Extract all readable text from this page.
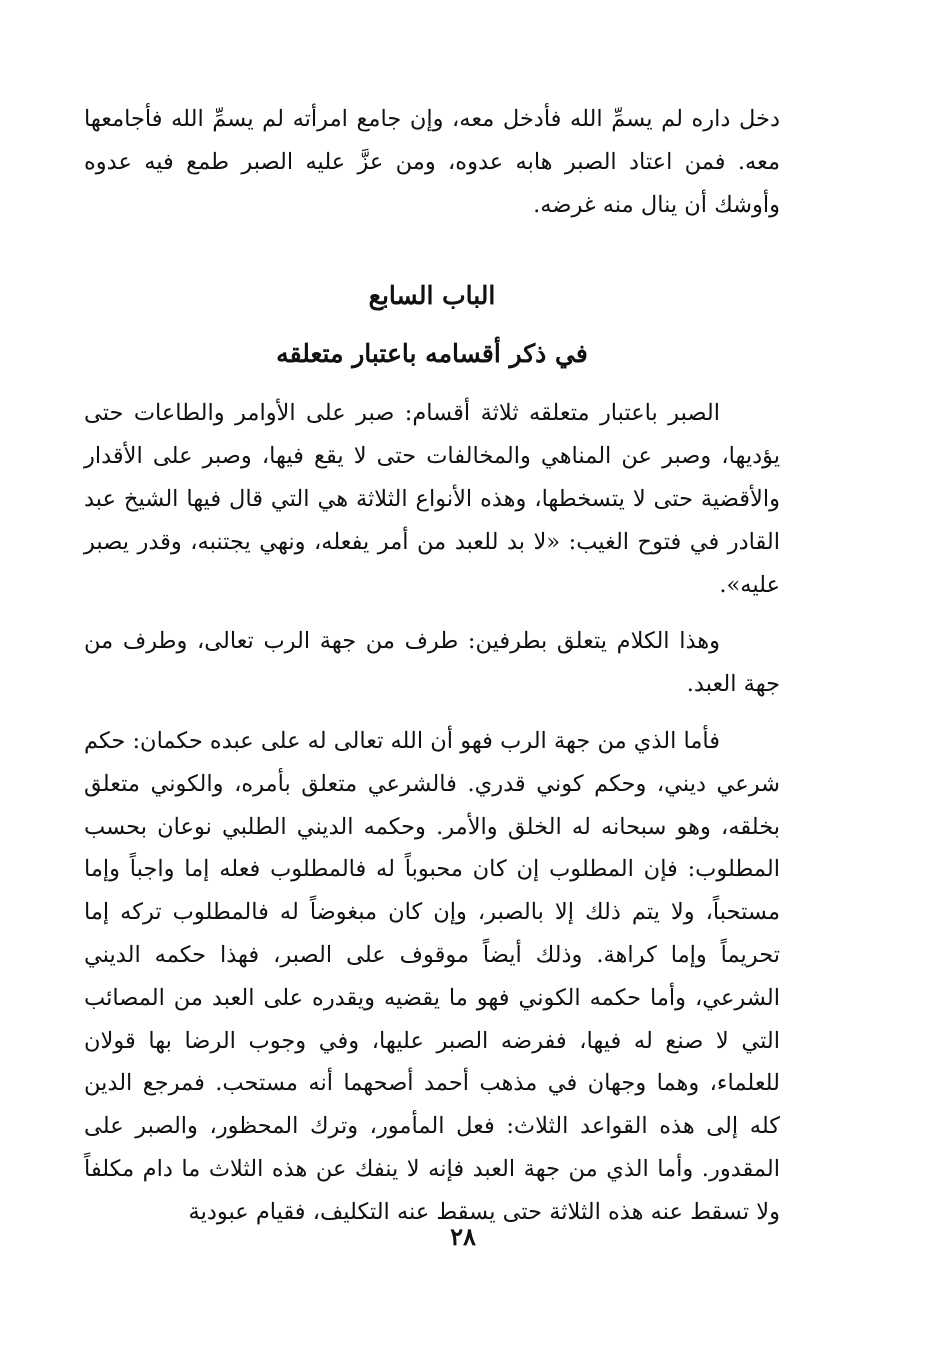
دخل داره لم يسمِّ الله فأدخل معه، وإن جامع امرأته لم يسمِّ الله فأجامعها معه. فمن اعتاد الصبر هابه عدوه، ومن عزَّ عليه الصبر طمع فيه عدوه وأوشك أن ينال منه غرضه.

الباب السابع
في ذكر أقسامه باعتبار متعلقه

الصبر باعتبار متعلقه ثلاثة أقسام: صبر على الأوامر والطاعات حتى يؤديها، وصبر عن المناهي والمخالفات حتى لا يقع فيها، وصبر على الأقدار والأقضية حتى لا يتسخطها، وهذه الأنواع الثلاثة هي التي قال فيها الشيخ عبد القادر في فتوح الغيب: «لا بد للعبد من أمر يفعله، ونهي يجتنبه، وقدر يصبر عليه».

وهذا الكلام يتعلق بطرفين: طرف من جهة الرب تعالى، وطرف من جهة العبد.

فأما الذي من جهة الرب فهو أن الله تعالى له على عبده حكمان: حكم شرعي ديني، وحكم كوني قدري. فالشرعي متعلق بأمره، والكوني متعلق بخلقه، وهو سبحانه له الخلق والأمر. وحكمه الديني الطلبي نوعان بحسب المطلوب: فإن المطلوب إن كان محبوباً له فالمطلوب فعله إما واجباً وإما مستحباً، ولا يتم ذلك إلا بالصبر، وإن كان مبغوضاً له فالمطلوب تركه إما تحريماً وإما كراهة. وذلك أيضاً موقوف على الصبر، فهذا حكمه الديني الشرعي، وأما حكمه الكوني فهو ما يقضيه ويقدره على العبد من المصائب التي لا صنع له فيها، ففرضه الصبر عليها، وفي وجوب الرضا بها قولان للعلماء، وهما وجهان في مذهب أحمد أصحهما أنه مستحب. فمرجع الدين كله إلى هذه القواعد الثلاث: فعل المأمور، وترك المحظور، والصبر على المقدور. وأما الذي من جهة العبد فإنه لا ينفك عن هذه الثلاث ما دام مكلفاً ولا تسقط عنه هذه الثلاثة حتى يسقط عنه التكليف، فقيام عبودية

٢٨
